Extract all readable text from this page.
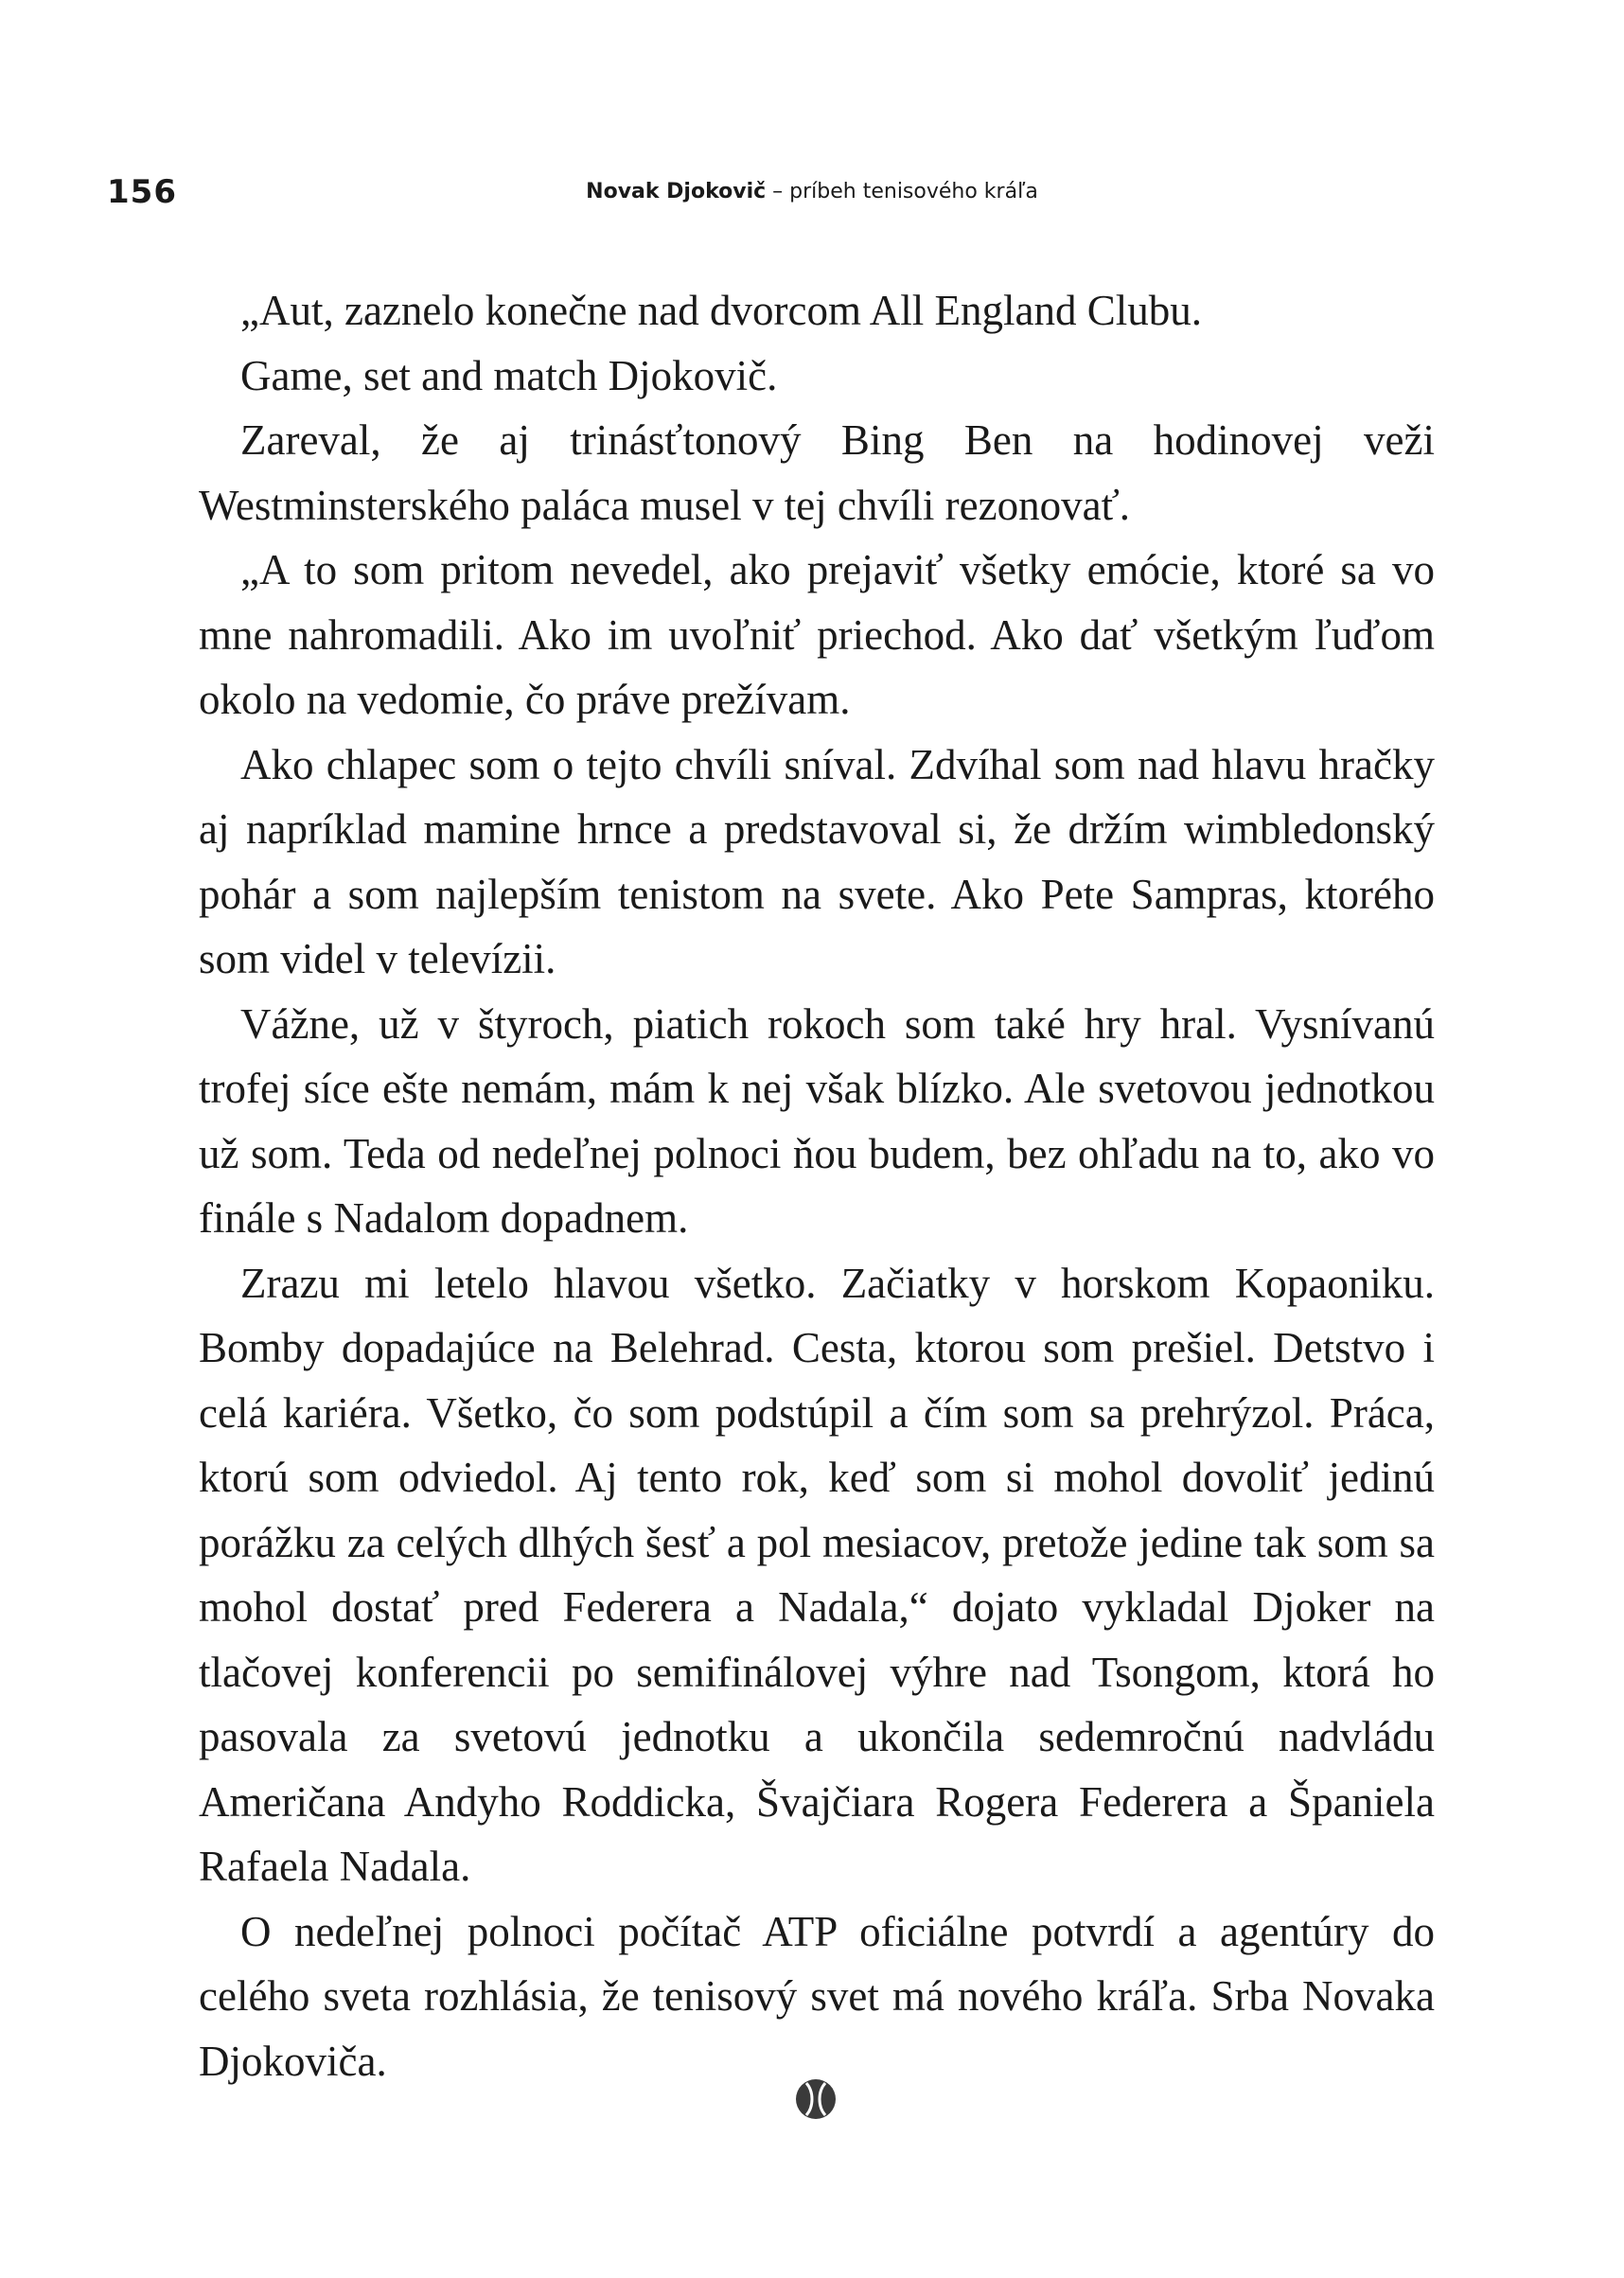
156	Novak Djokovič – príbeh tenisového kráľa

„Aut, zaznelo konečne nad dvorcom All England Clubu.

Game, set and match Djokovič.

Zareval, že aj trinásťtonový Bing Ben na hodinovej veži Westminsterského paláca musel v tej chvíli rezonovať.

„A to som pritom nevedel, ako prejaviť všetky emócie, ktoré sa vo mne nahromadili. Ako im uvoľniť priechod. Ako dať všetkým ľuďom okolo na vedomie, čo práve prežívam.

Ako chlapec som o tejto chvíli sníval. Zdvíhal som nad hlavu hračky aj napríklad mamine hrnce a predstavoval si, že držím wimbledonský pohár a som najlepším tenistom na svete. Ako Pete Sampras, ktorého som videl v televízii.

Vážne, už v štyroch, piatich rokoch som také hry hral. Vysnívanú trofej síce ešte nemám, mám k nej však blízko. Ale svetovou jednotkou už som. Teda od nedeľnej polnoci ňou budem, bez ohľadu na to, ako vo finále s Nadalom dopadnem.

Zrazu mi letelo hlavou všetko. Začiatky v horskom Kopaoniku. Bomby dopadajúce na Belehrad. Cesta, ktorou som prešiel. Detstvo i celá kariéra. Všetko, čo som podstúpil a čím som sa prehrýzol. Práca, ktorú som odviedol. Aj tento rok, keď som si mohol dovoliť jedinú porážku za celých dlhých šesť a pol mesiacov, pretože jedine tak som sa mohol dostať pred Federera a Nadala,“ dojato vykladal Djoker na tlačovej konferencii po semifinálovej výhre nad Tsongom, ktorá ho pasovala za svetovú jednotku a ukončila sedemročnú nadvládu Američana Andyho Roddicka, Švajčiara Rogera Federera a Španiela Rafaela Nadala.

O nedeľnej polnoci počítač ATP oficiálne potvrdí a agentúry do celého sveta rozhlásia, že tenisový svet má nového kráľa. Srba Novaka Djokoviča.
